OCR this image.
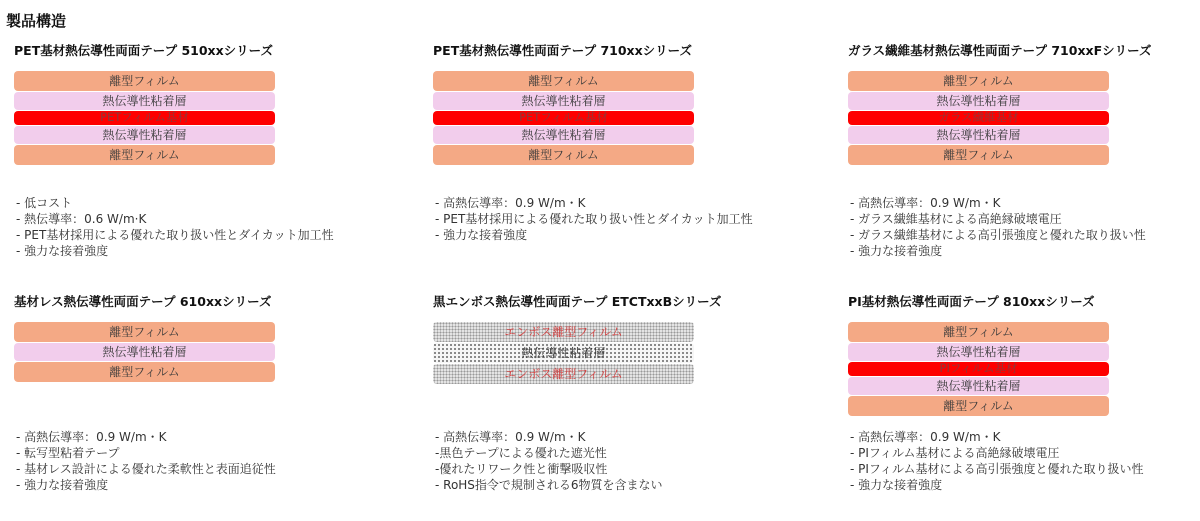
製品構造
PET基材熱伝導性両面テープ 510xxシリーズ
離型フィルム
熱伝導性粘着層
PETフィルム基材
熱伝導性粘着層
離型フィルム
- 低コスト
- 熱伝導率：0.6 W/m·K
- PET基材採用による優れた取り扱い性とダイカット加工性
- 強力な接着強度
PET基材熱伝導性両面テープ 710xxシリーズ
離型フィルム
熱伝導性粘着層
PETフィルム基材
熱伝導性粘着層
離型フィルム
- 高熱伝導率：0.9 W/m・K
- PET基材採用による優れた取り扱い性とダイカット加工性
- 強力な接着強度
ガラス繊維基材熱伝導性両面テープ 710xxFシリーズ
離型フィルム
熱伝導性粘着層
ガラス繊維基材
熱伝導性粘着層
離型フィルム
- 高熱伝導率：0.9 W/m・K
- ガラス繊維基材による高絶縁破壊電圧
- ガラス繊維基材による高引張強度と優れた取り扱い性
- 強力な接着強度
基材レス熱伝導性両面テープ 610xxシリーズ
離型フィルム
熱伝導性粘着層
離型フィルム
- 高熱伝導率：0.9 W/m・K
- 転写型粘着テープ
- 基材レス設計による優れた柔軟性と表面追従性
- 強力な接着強度
黒エンボス熱伝導性両面テープ ETCTxxBシリーズ
エンボス離型フィルム
熱伝導性粘着層
エンボス離型フィルム
- 高熱伝導率：0.9 W/m・K
-黒色テープによる優れた遮光性
-優れたリワーク性と衝撃吸収性
- RoHS指令で規制される6物質を含まない
PI基材熱伝導性両面テープ 810xxシリーズ
離型フィルム
熱伝導性粘着層
PIフィルム基材
熱伝導性粘着層
離型フィルム
- 高熱伝導率：0.9 W/m・K
- PIフィルム基材による高絶縁破壊電圧
- PIフィルム基材による高引張強度と優れた取り扱い性
- 強力な接着強度
